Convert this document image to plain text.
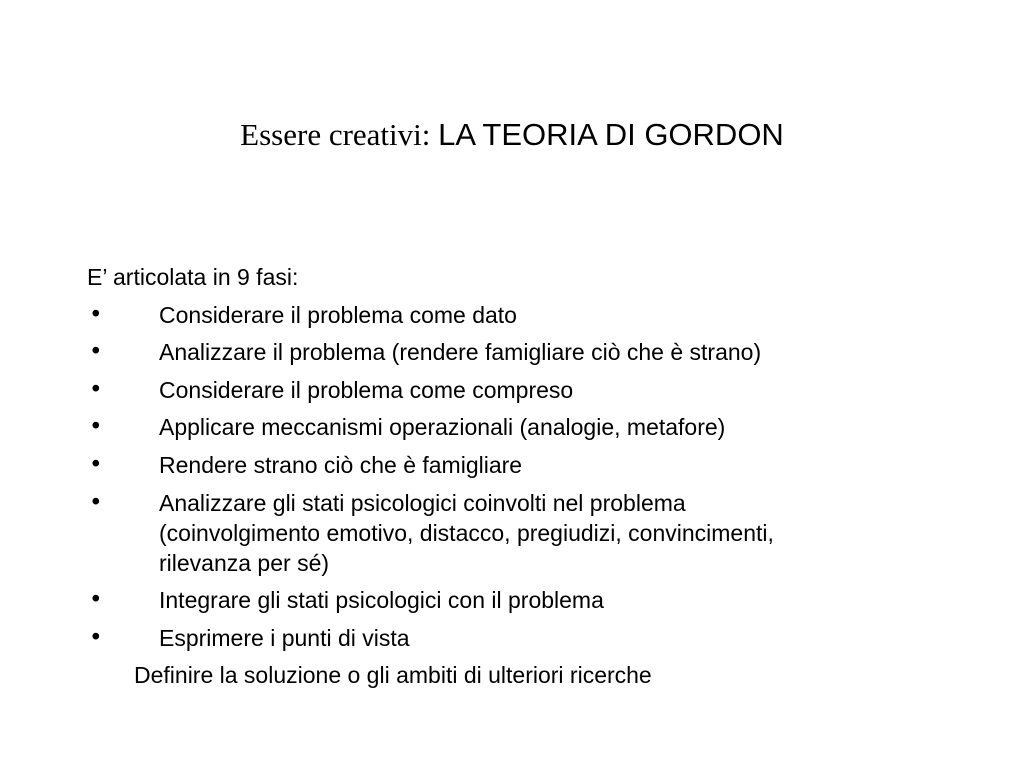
Essere creativi: LA TEORIA DI GORDON
E’ articolata in 9 fasi:
• Considerare il problema come dato
• Analizzare il problema (rendere famigliare ciò che è strano)
• Considerare il problema come compreso
• Applicare meccanismi operazionali (analogie, metafore)
• Rendere strano ciò che è famigliare
• Analizzare gli stati psicologici coinvolti nel problema
(coinvolgimento emotivo, distacco, pregiudizi, convincimenti,
rilevanza per sé)
• Integrare gli stati psicologici con il problema
• Esprimere i punti di vista
Definire la soluzione o gli ambiti di ulteriori ricerche
